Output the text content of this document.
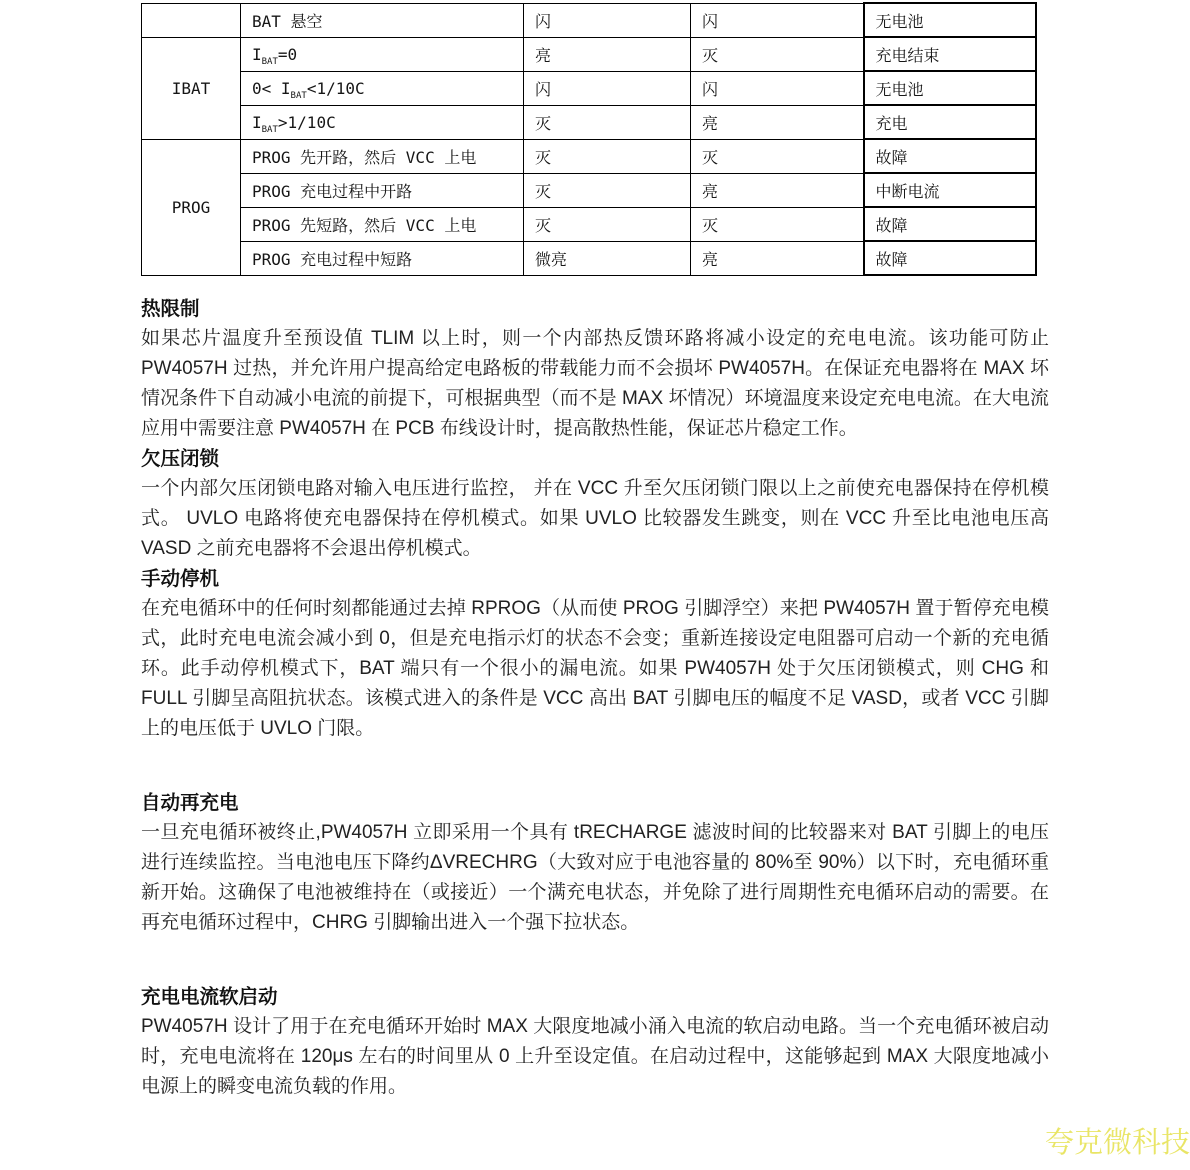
	BAT 悬空	闪	闪	无电池
IBAT	$I_{BAT}=0$	亮	灭	充电结束
	$0< I_{BAT}<1/10C$	闪	闪	无电池
	$I_{BAT}>1/10C$	灭	亮	充电
PROG	PROG 先开路，然后 VCC 上电	灭	灭	故障
	PROG 充电过程中开路	灭	亮	中断电流
	PROG 先短路，然后 VCC 上电	灭	灭	故障
	PROG 充电过程中短路	微亮	亮	故障
热限制

如果芯片温度升至预设值 TLIM 以上时，则一个内部热反馈环路将减小设定的充电电流。该功能可防止 PW4057H 过热，并允许用户提高给定电路板的带载能力而不会损坏 PW4057H。在保证充电器将在 MAX 坏情况条件下自动减小电流的前提下，可根据典型（而不是 MAX 坏情况）环境温度来设定充电电流。在大电流应用中需要注意 PW4057H 在 PCB 布线设计时，提高散热性能，保证芯片稳定工作。

欠压闭锁

一个内部欠压闭锁电路对输入电压进行监控， 并在 VCC 升至欠压闭锁门限以上之前使充电器保持在停机模式。 UVLO 电路将使充电器保持在停机模式。如果 UVLO 比较器发生跳变，则在 VCC 升至比电池电压高 VASD 之前充电器将不会退出停机模式。

手动停机

在充电循环中的任何时刻都能通过去掉 RPROG（从而使 PROG 引脚浮空）来把 PW4057H 置于暂停充电模式，此时充电电流会减小到 0，但是充电指示灯的状态不会变；重新连接设定电阻器可启动一个新的充电循环。此手动停机模式下，BAT 端只有一个很小的漏电流。如果 PW4057H 处于欠压闭锁模式，则 CHG 和 FULL 引脚呈高阻抗状态。该模式进入的条件是 VCC 高出 BAT 引脚电压的幅度不足 VASD，或者 VCC 引脚上的电压低于 UVLO 门限。

自动再充电

一旦充电循环被终止,PW4057H 立即采用一个具有 tRECHARGE 滤波时间的比较器来对 BAT 引脚上的电压进行连续监控。当电池电压下降约ΔVRECHRG（大致对应于电池容量的 80%至 90%）以下时，充电循环重新开始。这确保了电池被维持在（或接近）一个满充电状态，并免除了进行周期性充电循环启动的需要。在再充电循环过程中，CHRG 引脚输出进入一个强下拉状态。

充电电流软启动

PW4057H 设计了用于在充电循环开始时 MAX 大限度地减小涌入电流的软启动电路。当一个充电循环被启动时，充电电流将在 120μs 左右的时间里从 0 上升至设定值。在启动过程中，这能够起到 MAX 大限度地减小电源上的瞬变电流负载的作用。

夸克微科技
